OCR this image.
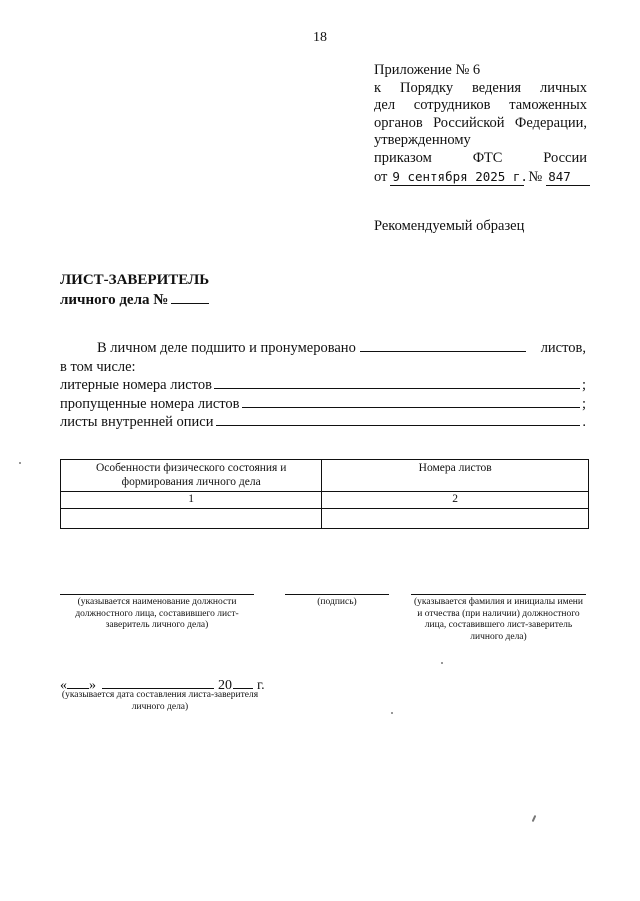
18
Приложение № 6
к Порядку ведения личных
дел сотрудников таможенных
органов Российской Федерации,
утвержденному
приказом ФТС России
от 9 сентября 2025 г. № 847
Рекомендуемый образец
ЛИСТ-ЗАВЕРИТЕЛЬ
личного дела №
В личном деле подшито и пронумеровано	листов,
в том числе:
литерные номера листов	;
пропущенные номера листов	;
листы внутренней описи	.
Особенности физического состояния и формирования личного дела	Номера листов
1	2

(указывается наименование должности должностного лица, составившего лист-заверитель личного дела)
(подпись)	(указывается фамилия и инициалы имени и отчества (при наличии) должностного лица, составившего лист-заверитель личного дела)
« »	20 г.
(указывается дата составления листа-заверителя личного дела)
